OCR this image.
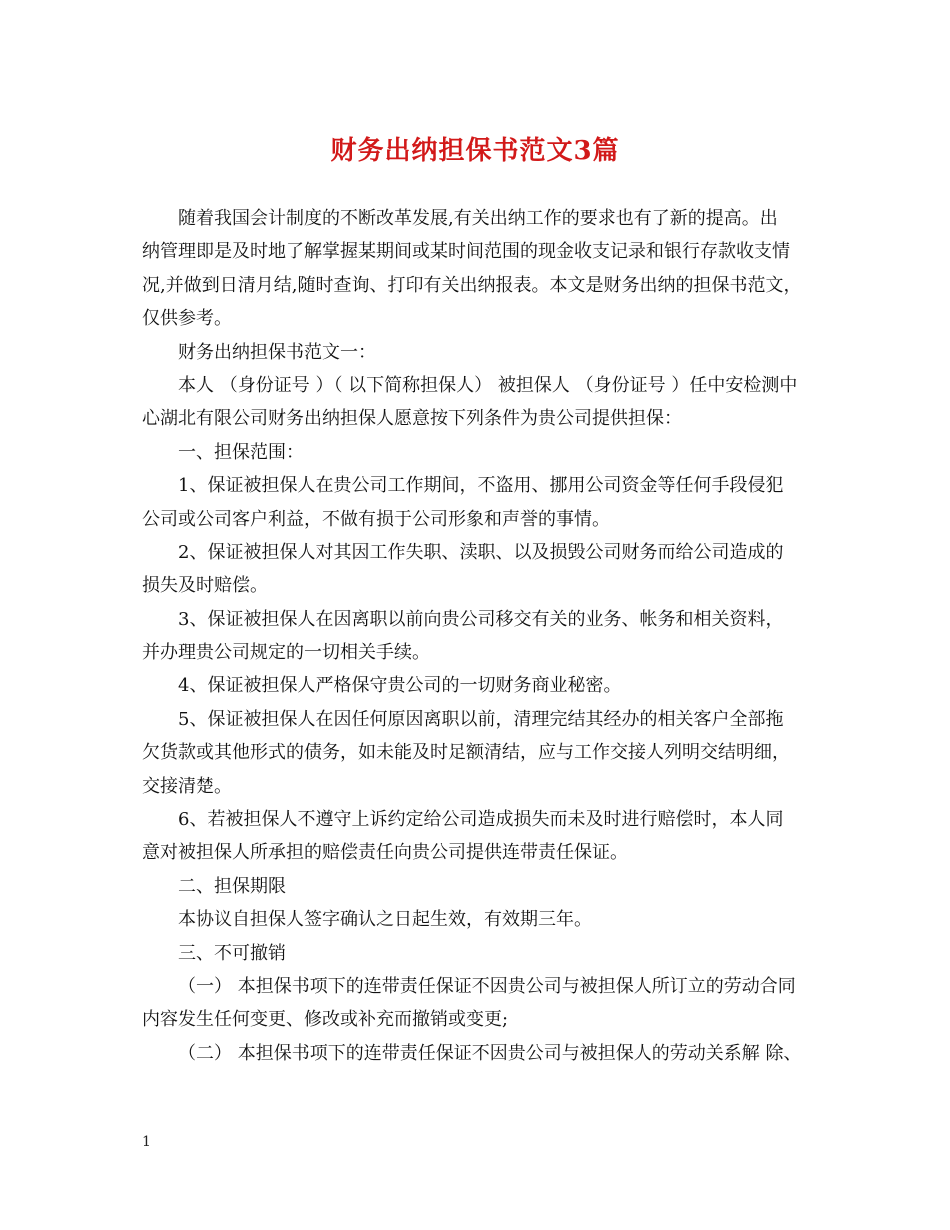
财务出纳担保书范文3篇
随着我国会计制度的不断改革发展,有关出纳工作的要求也有了新的提高。出
纳管理即是及时地了解掌握某期间或某时间范围的现金收支记录和银行存款收支情
况,并做到日清月结,随时查询、打印有关出纳报表。本文是财务出纳的担保书范文，
仅供参考。
财务出纳担保书范文一：
本人 （身份证号 ）（ 以下简称担保人） 被担保人 （身份证号 ）任中安检测中
心湖北有限公司财务出纳担保人愿意按下列条件为贵公司提供担保：
一、担保范围：
1、保证被担保人在贵公司工作期间，不盗用、挪用公司资金等任何手段侵犯
公司或公司客户利益，不做有损于公司形象和声誉的事情。
2、保证被担保人对其因工作失职、渎职、以及损毁公司财务而给公司造成的
损失及时赔偿。
3、保证被担保人在因离职以前向贵公司移交有关的业务、帐务和相关资料，
并办理贵公司规定的一切相关手续。
4、保证被担保人严格保守贵公司的一切财务商业秘密。
5、保证被担保人在因任何原因离职以前，清理完结其经办的相关客户全部拖
欠货款或其他形式的债务，如未能及时足额清结，应与工作交接人列明交结明细，
交接清楚。
6、若被担保人不遵守上诉约定给公司造成损失而未及时进行赔偿时，本人同
意对被担保人所承担的赔偿责任向贵公司提供连带责任保证。
二、担保期限
本协议自担保人签字确认之日起生效，有效期三年。
三、不可撤销
（一） 本担保书项下的连带责任保证不因贵公司与被担保人所订立的劳动合同
内容发生任何变更、修改或补充而撤销或变更;
（二） 本担保书项下的连带责任保证不因贵公司与被担保人的劳动关系解 除、
1
